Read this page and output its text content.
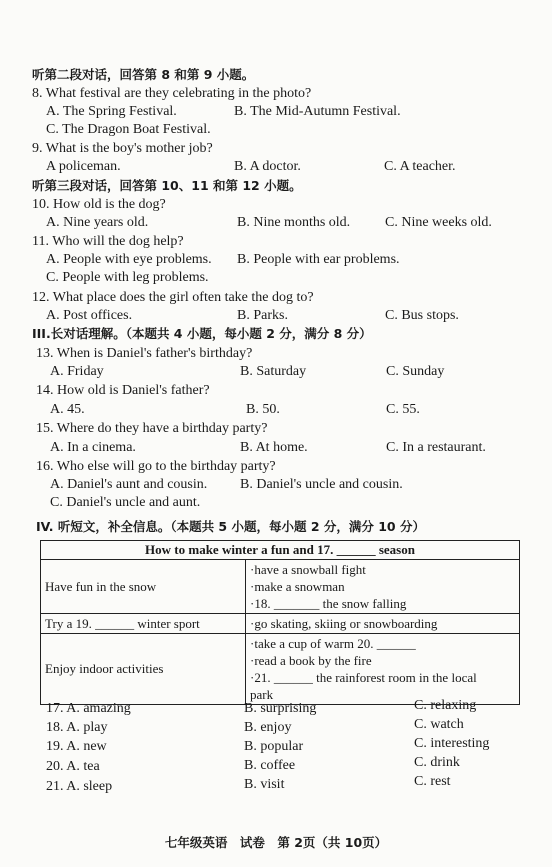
听第二段对话，回答第 8 和第 9 小题。
8. What festival are they celebrating in the photo?
A. The Spring Festival.	B. The Mid-Autumn Festival.
C. The Dragon Boat Festival.
9. What is the boy's mother job?
A policeman.	B. A doctor.	C. A teacher.
听第三段对话，回答第 10、11 和第 12 小题。
10. How old is the dog?
A. Nine years old.	B. Nine months old. C. Nine weeks old.
11. Who will the dog help?
A. People with eye problems. B. People with ear problems.
C. People with leg problems.
12. What place does the girl often take the dog to?
A. Post offices.	B. Parks.	C. Bus stops.
III.长对话理解。（本题共 4 小题，每小题 2 分，满分 8 分）
13. When is Daniel's father's birthday?
A. Friday	B. Saturday	C. Sunday
14. How old is Daniel's father?
A. 45.	B. 50.	C. 55.
15. Where do they have a birthday party?
A. In a cinema.	B. At home.	C. In a restaurant.
16. Who else will go to the birthday party?
A. Daniel's aunt and cousin. B. Daniel's uncle and cousin.
C. Daniel's uncle and aunt.
IV. 听短文，补全信息。（本题共 5 小题，每小题 2 分，满分 10 分）
How to make winter a fun and 17. ______ season	
Have fun in the snow	·have a snowball fight
·make a snowman
·18. _______ the snow falling

Try a 19. ______ winter sport	·go skating, skiing or snowboarding

Enjoy indoor activities	·take a cup of warm 20. ______
·read a book by the fire
·21. ______ the rainforest room in the local
park
17. A. amazing	B. surprising	C. relaxing
18. A. play	B. enjoy	C. watch
19. A. new	B. popular	C. interesting
20. A. tea	B. coffee	C. drink
21. A. sleep	B. visit	C. rest
七年级英语　试卷　第 2页（共 10页）
